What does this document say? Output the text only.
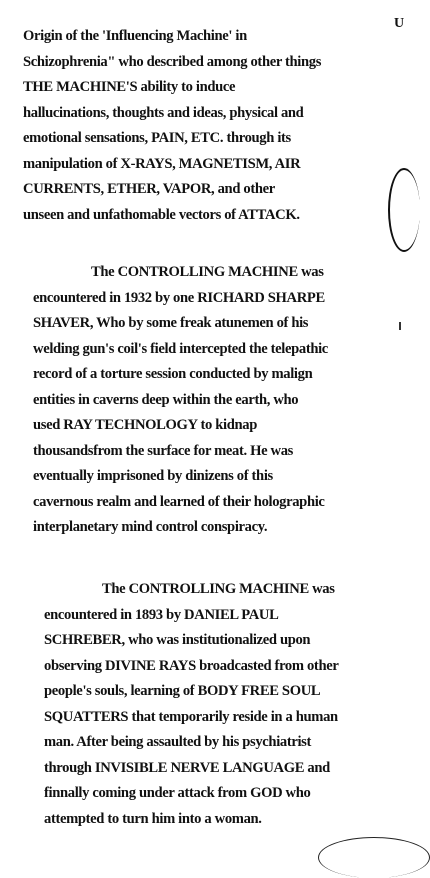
U
Origin of the 'Influencing Machine' in
Schizophrenia" who described among other things
THE MACHINE'S ability to induce
hallucinations, thoughts and ideas, physical and
emotional sensations, PAIN, ETC. through its
manipulation of X-RAYS, MAGNETISM, AIR
CURRENTS, ETHER, VAPOR, and other
unseen and unfathomable vectors of ATTACK.
The CONTROLLING MACHINE was
encountered in 1932 by one RICHARD SHARPE
SHAVER, Who by some freak atunemen of his
welding gun's coil's field intercepted the telepathic
record of a torture session conducted by malign
entities in caverns deep within the earth, who
used RAY TECHNOLOGY to kidnap
thousandsfrom the surface for meat. He was
eventually imprisoned by dinizens of this
cavernous realm and learned of their holographic
interplanetary mind control conspiracy.
The CONTROLLING MACHINE was
encountered in 1893 by DANIEL PAUL
SCHREBER, who was institutionalized upon
observing DIVINE RAYS broadcasted from other
people's souls, learning of BODY FREE SOUL
SQUATTERS that temporarily reside in a human
man. After being assaulted by his psychiatrist
through INVISIBLE NERVE LANGUAGE and
finnally coming under attack from GOD who
attempted to turn him into a woman.
